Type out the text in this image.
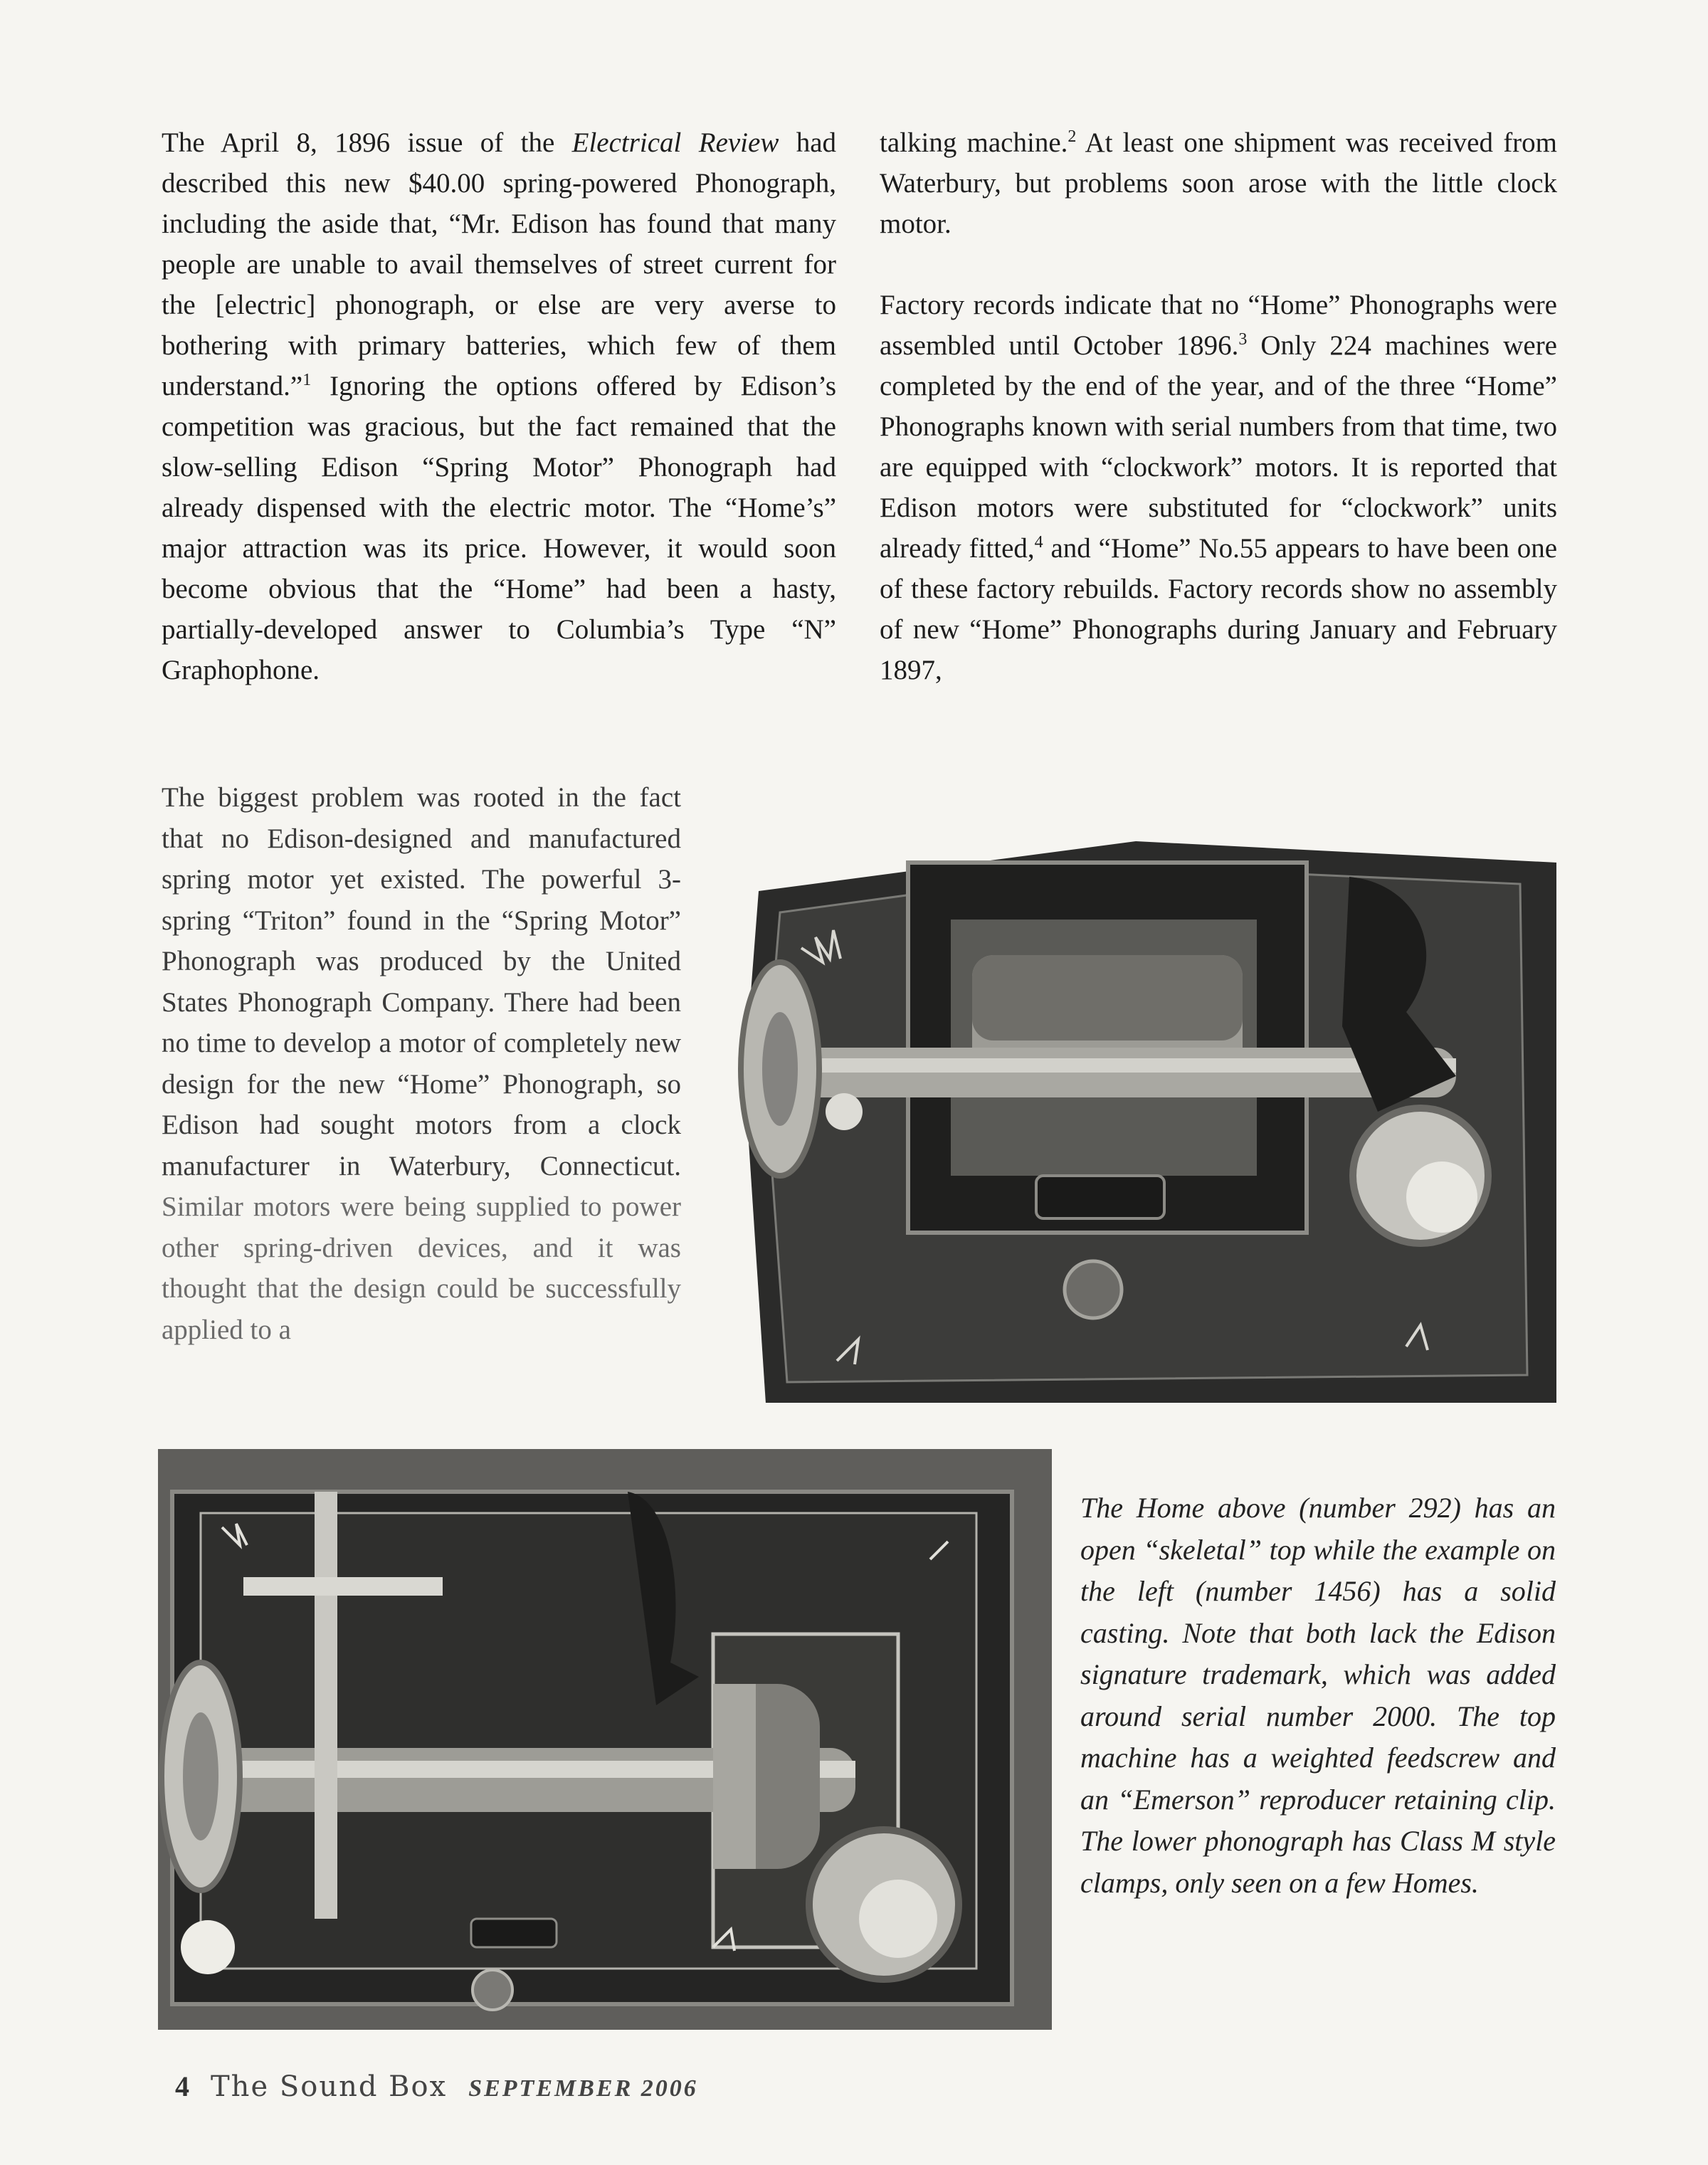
The April 8, 1896 issue of the Electrical Review had described this new $40.00 spring-powered Phonograph, including the aside that, “Mr. Edison has found that many people are unable to avail themselves of street current for the [electric] phonograph, or else are very averse to bothering with primary batteries, which few of them understand.”$^1$ Ignoring the options offered by Edison’s competition was gracious, but the fact remained that the slow-selling Edison “Spring Motor” Phonograph had already dispensed with the electric motor. The “Home’s” major attraction was its price. However, it would soon become obvious that the “Home” had been a hasty, partially-developed answer to Columbia’s Type “N” Graphophone.

talking machine.$^2$ At least one shipment was received from Waterbury, but problems soon arose with the little clock motor.

Factory records indicate that no “Home” Phonographs were assembled until October 1896.$^3$ Only 224 machines were completed by the end of the year, and of the three “Home” Phonographs known with serial numbers from that time, two are equipped with “clockwork” motors. It is reported that Edison motors were substituted for “clockwork” units already fitted,$^4$ and “Home” No.55 appears to have been one of these factory rebuilds. Factory records show no assembly of new “Home” Phonographs during January and February 1897,

The biggest problem was rooted in the fact that no Edison-designed and manufactured spring motor yet existed. The powerful 3-spring “Triton” found in the “Spring Motor” Phonograph was produced by the United States Phonograph Company. There had been no time to develop a motor of completely new design for the new “Home” Phonograph, so Edison had sought motors from a clock manufacturer in Waterbury, Connecticut. Similar motors were being supplied to power other spring-driven devices, and it was thought that the design could be successfully applied to a

The Home above (number 292) has an open “skeletal” top while the example on the left (number 1456) has a solid casting. Note that both lack the Edison signature trademark, which was added around serial number 2000. The top machine has a weighted feedscrew and an “Emerson” reproducer retaining clip. The lower phonograph has Class M style clamps, only seen on a few Homes.
4 The Sound Box SEPTEMBER 2006
